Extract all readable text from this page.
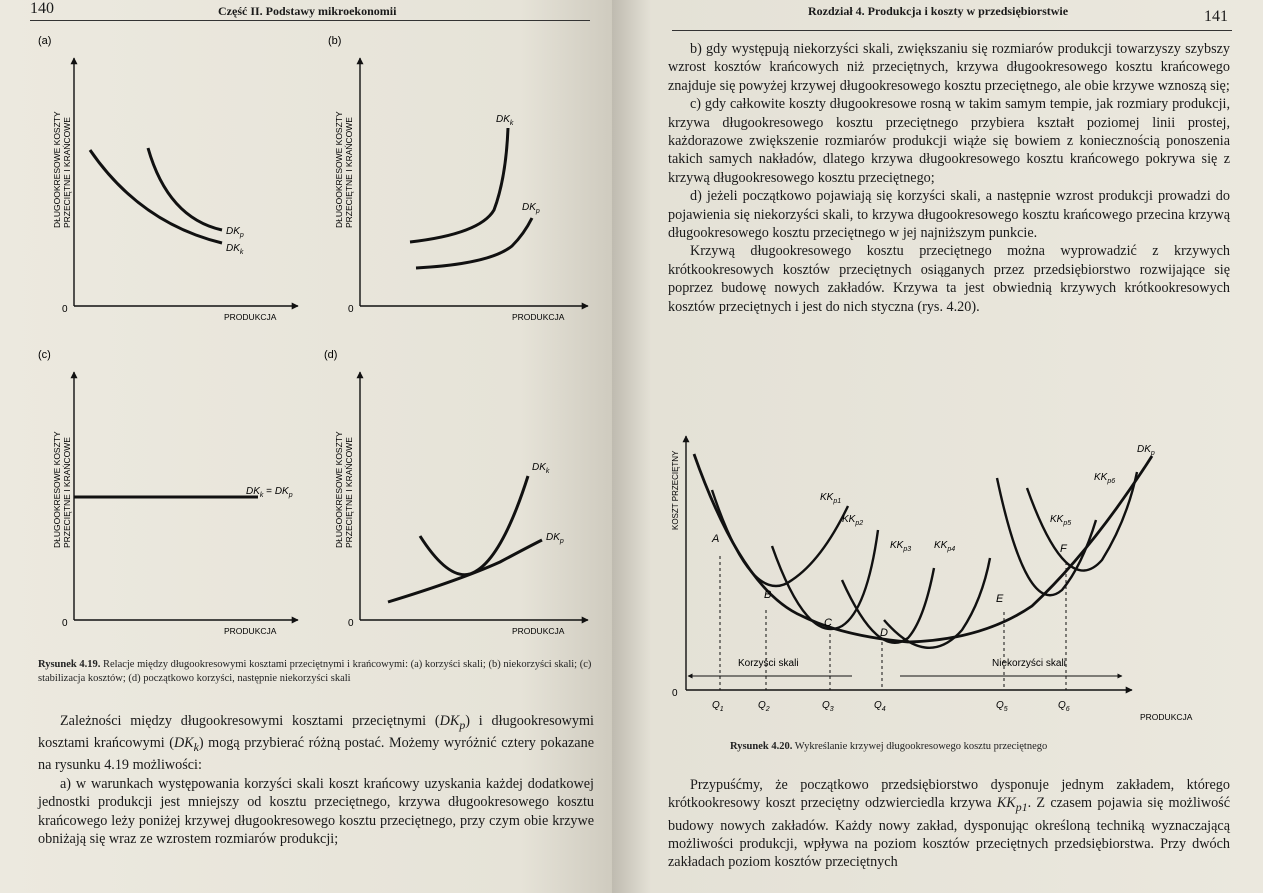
140	Część II. Podstawy mikroekonomii
(a)
DŁUGOOKRESOWE KOSZTY PRZECIĘTNE I KRAŃCOWE
0
PRODUKCJA
$DK_p$
$DK_k$
(b)
DŁUGOOKRESOWE KOSZTY PRZECIĘTNE I KRAŃCOWE
0
PRODUKCJA
$DK_k$
$DK_p$
(c)
DŁUGOOKRESOWE KOSZTY PRZECIĘTNE I KRAŃCOWE
0
PRODUKCJA
$DK_k = DK_p$
(d)
DŁUGOOKRESOWE KOSZTY PRZECIĘTNE I KRAŃCOWE
0
PRODUKCJA
$DK_k$
$DK_p$
Rysunek 4.19. Relacje między długookresowymi kosztami przeciętnymi i krańcowymi: (a) korzyści skali; (b) niekorzyści skali; (c) stabilizacja kosztów; (d) początkowo korzyści, następnie niekorzyści skali

Zależności między długookresowymi kosztami przeciętnymi $(DK_p)$ i długookresowymi kosztami krańcowymi $(DK_k)$ mogą przybierać różną postać. Możemy wyróżnić cztery pokazane na rysunku 4.19 możliwości:

a) w warunkach występowania korzyści skali koszt krańcowy uzyskania każdej dodatkowej jednostki produkcji jest mniejszy od kosztu przeciętnego, krzywa długookresowego kosztu krańcowego leży poniżej krzywej długookresowego kosztu przeciętnego, przy czym obie krzywe obniżają się wraz ze wzrostem rozmiarów produkcji;

Rozdział 4. Produkcja i koszty w przedsiębiorstwie	141

b) gdy występują niekorzyści skali, zwiększaniu się rozmiarów produkcji towarzyszy szybszy wzrost kosztów krańcowych niż przeciętnych, krzywa długookresowego kosztu krańcowego znajduje się powyżej krzywej długookresowego kosztu przeciętnego, ale obie krzywe wznoszą się;

c) gdy całkowite koszty długookresowe rosną w takim samym tempie, jak rozmiary produkcji, krzywa długookresowego kosztu przeciętnego przybiera kształt poziomej linii prostej, każdorazowe zwiększenie rozmiarów produkcji wiąże się bowiem z koniecznością ponoszenia takich samych nakładów, dlatego krzywa długookresowego kosztu krańcowego pokrywa się z krzywą długookresowego kosztu przeciętnego;

d) jeżeli początkowo pojawiają się korzyści skali, a następnie wzrost produkcji prowadzi do pojawienia się niekorzyści skali, to krzywa długookresowego kosztu krańcowego przecina krzywą długookresowego kosztu przeciętnego w jej najniższym punkcie.

Krzywą długookresowego kosztu przeciętnego można wyprowadzić z krzywych krótkookresowych kosztów przeciętnych osiąganych przez przedsiębiorstwo rozwijające się poprzez budowę nowych zakładów. Krzywa ta jest obwiednią krzywych krótkookresowych kosztów przeciętnych i jest do nich styczna (rys. 4.20).

KOSZT PRZECIĘTNY
0
PRODUKCJA
$DK_p$
$KK_{p1}$
$KK_{p2}$
$KK_{p3}$ $KK_{p4}$
$KK_{p5}$
$KK_{p6}$
A
B
C
D
E
F
Korzyści skali	Niekorzyści skali
$Q_1$	$Q_2$	$Q_3$	$Q_4$	$Q_5$	$Q_6$
Rysunek 4.20. Wykreślanie krzywej długookresowego kosztu przeciętnego

Przypuśćmy, że początkowo przedsiębiorstwo dysponuje jednym zakładem, którego krótkookresowy koszt przeciętny odzwierciedla krzywa $KK_{p1}$. Z czasem pojawia się możliwość budowy nowych zakładów. Każdy nowy zakład, dysponując określoną techniką wyznaczającą możliwości produkcji, wpływa na poziom kosztów przeciętnych przedsiębiorstwa. Przy dwóch zakładach poziom kosztów przeciętnych
